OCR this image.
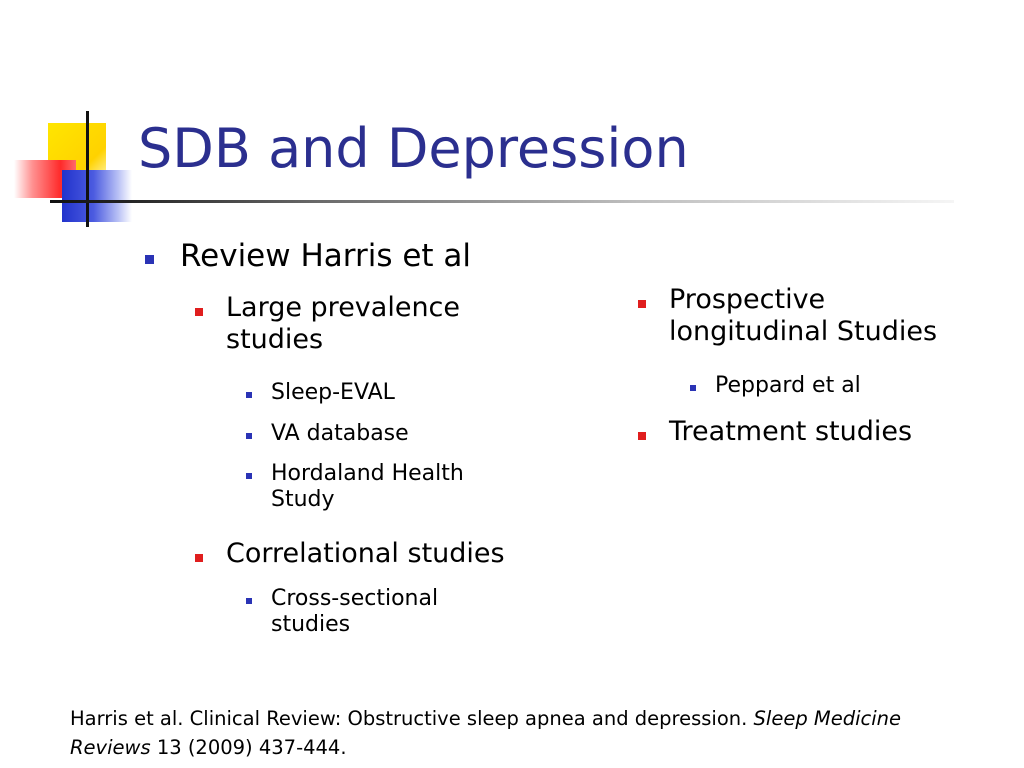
SDB and Depression
Review Harris et al
Large prevalence studies
Sleep-EVAL
VA database
Hordaland Health Study
Correlational studies
Cross-sectional studies
Prospective longitudinal Studies
Peppard et al
Treatment studies
Harris et al. Clinical Review: Obstructive sleep apnea and depression. Sleep Medicine Reviews 13 (2009) 437-444.
